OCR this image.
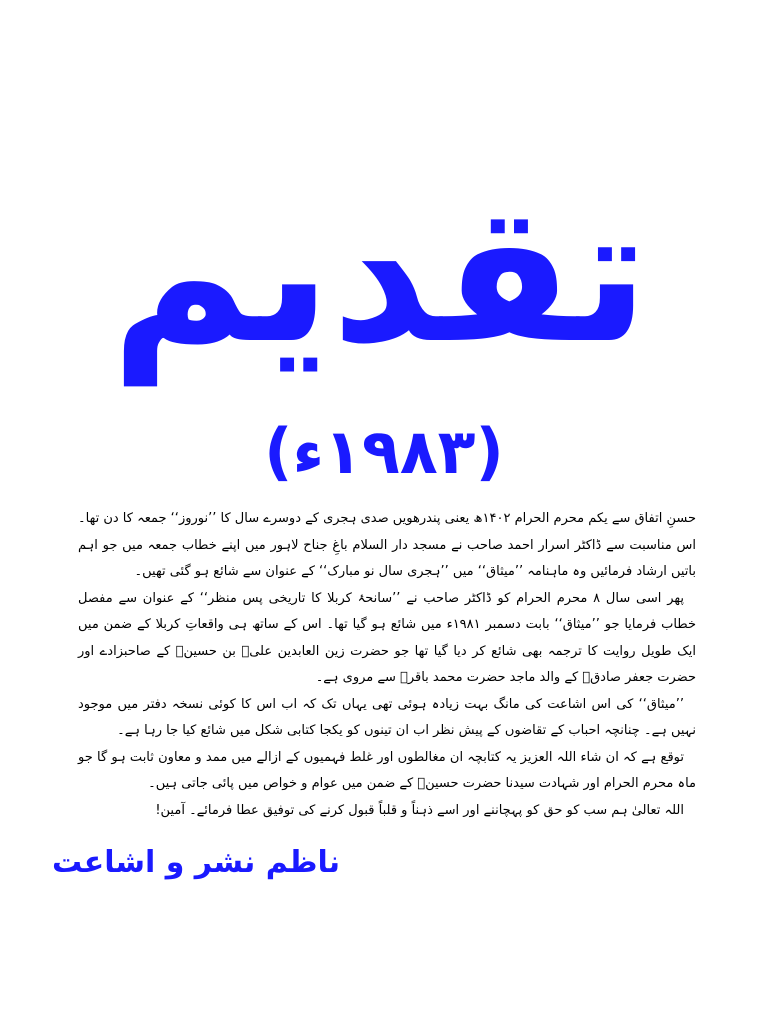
تقدیم
(۱۹۸۳ء)

حسنِ اتفاق سے یکم محرم الحرام ۱۴۰۲ھ یعنی پندرھویں صدی ہجری کے دوسرے سال کا ’’نوروز‘‘ جمعہ کا دن تھا۔ اس مناسبت سے ڈاکٹر اسرار احمد صاحب نے مسجد دار السلام باغِ جناح لاہور میں اپنے خطاب جمعہ میں جو اہم باتیں ارشاد فرمائیں وہ ماہنامہ ’’میثاق‘‘ میں ’’ہجری سال نو مبارک‘‘ کے عنوان سے شائع ہو گئی تھیں۔

پھر اسی سال ۸ محرم الحرام کو ڈاکٹر صاحب نے ’’سانحۂ کربلا کا تاریخی پس منظر‘‘ کے عنوان سے مفصل خطاب فرمایا جو ’’میثاق‘‘ بابت دسمبر ۱۹۸۱ء میں شائع ہو گیا تھا۔ اس کے ساتھ ہی واقعاتِ کربلا کے ضمن میں ایک طویل روایت کا ترجمہ بھی شائع کر دیا گیا تھا جو حضرت زین العابدین علیؓ بن حسینؓ کے صاحبزادے اور حضرت جعفر صادقؒ کے والد ماجد حضرت محمد باقرؒ سے مروی ہے۔

’’میثاق‘‘ کی اس اشاعت کی مانگ بہت زیادہ ہوئی تھی یہاں تک کہ اب اس کا کوئی نسخہ دفتر میں موجود نہیں ہے۔ چنانچہ احباب کے تقاضوں کے پیش نظر اب ان تینوں کو یکجا کتابی شکل میں شائع کیا جا رہا ہے۔

توقع ہے کہ ان شاء اللہ العزیز یہ کتابچہ ان مغالطوں اور غلط فہمیوں کے ازالے میں ممد و معاون ثابت ہو گا جو ماہ محرم الحرام اور شہادت سیدنا حضرت حسینؓ کے ضمن میں عوام و خواص میں پائی جاتی ہیں۔

اللہ تعالیٰ ہم سب کو حق کو پہچاننے اور اسے ذہناً و قلباً قبول کرنے کی توفیق عطا فرمائے۔ آمین!

ناظم نشر و اشاعت
